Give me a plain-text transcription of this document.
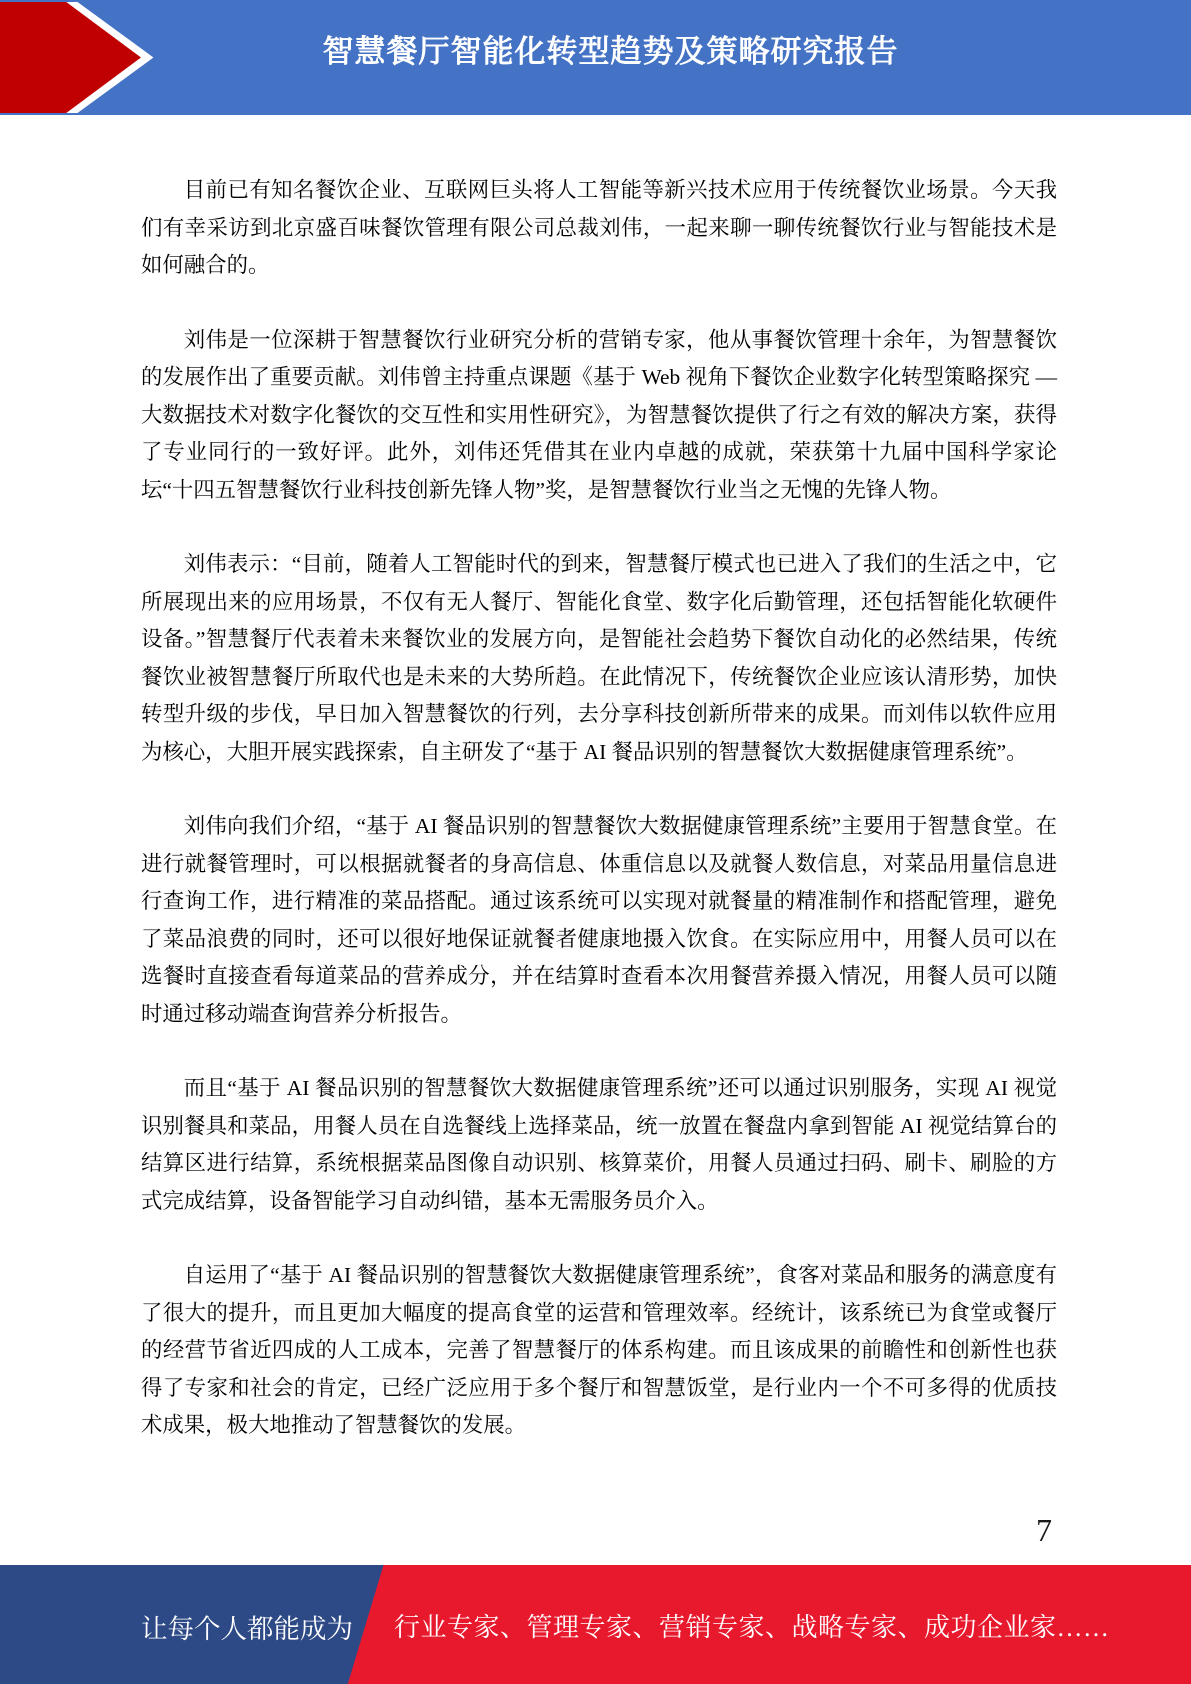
智慧餐厅智能化转型趋势及策略研究报告

目前已有知名餐饮企业、互联网巨头将人工智能等新兴技术应用于传统餐饮业场景。今天我们有幸采访到北京盛百味餐饮管理有限公司总裁刘伟，一起来聊一聊传统餐饮行业与智能技术是如何融合的。

刘伟是一位深耕于智慧餐饮行业研究分析的营销专家，他从事餐饮管理十余年，为智慧餐饮的发展作出了重要贡献。刘伟曾主持重点课题《基于 Web 视角下餐饮企业数字化转型策略探究 — 大数据技术对数字化餐饮的交互性和实用性研究》，为智慧餐饮提供了行之有效的解决方案，获得了专业同行的一致好评。此外，刘伟还凭借其在业内卓越的成就，荣获第十九届中国科学家论坛“十四五智慧餐饮行业科技创新先锋人物”奖，是智慧餐饮行业当之无愧的先锋人物。

刘伟表示：“目前，随着人工智能时代的到来，智慧餐厅模式也已进入了我们的生活之中，它所展现出来的应用场景，不仅有无人餐厅、智能化食堂、数字化后勤管理，还包括智能化软硬件设备。”智慧餐厅代表着未来餐饮业的发展方向，是智能社会趋势下餐饮自动化的必然结果，传统餐饮业被智慧餐厅所取代也是未来的大势所趋。在此情况下，传统餐饮企业应该认清形势，加快转型升级的步伐，早日加入智慧餐饮的行列，去分享科技创新所带来的成果。而刘伟以软件应用为核心，大胆开展实践探索，自主研发了“基于 AI 餐品识别的智慧餐饮大数据健康管理系统”。

刘伟向我们介绍，“基于 AI 餐品识别的智慧餐饮大数据健康管理系统”主要用于智慧食堂。在进行就餐管理时，可以根据就餐者的身高信息、体重信息以及就餐人数信息，对菜品用量信息进行查询工作，进行精准的菜品搭配。通过该系统可以实现对就餐量的精准制作和搭配管理，避免了菜品浪费的同时，还可以很好地保证就餐者健康地摄入饮食。在实际应用中，用餐人员可以在选餐时直接查看每道菜品的营养成分，并在结算时查看本次用餐营养摄入情况，用餐人员可以随时通过移动端查询营养分析报告。

而且“基于 AI 餐品识别的智慧餐饮大数据健康管理系统”还可以通过识别服务，实现 AI 视觉识别餐具和菜品，用餐人员在自选餐线上选择菜品，统一放置在餐盘内拿到智能 AI 视觉结算台的结算区进行结算，系统根据菜品图像自动识别、核算菜价，用餐人员通过扫码、刷卡、刷脸的方式完成结算，设备智能学习自动纠错，基本无需服务员介入。

自运用了“基于 AI 餐品识别的智慧餐饮大数据健康管理系统”，食客对菜品和服务的满意度有了很大的提升，而且更加大幅度的提高食堂的运营和管理效率。经统计，该系统已为食堂或餐厅的经营节省近四成的人工成本，完善了智慧餐厅的体系构建。而且该成果的前瞻性和创新性也获得了专家和社会的肯定，已经广泛应用于多个餐厅和智慧饭堂，是行业内一个不可多得的优质技术成果，极大地推动了智慧餐饮的发展。

7
让每个人都能成为 行业专家、管理专家、营销专家、战略专家、成功企业家……
